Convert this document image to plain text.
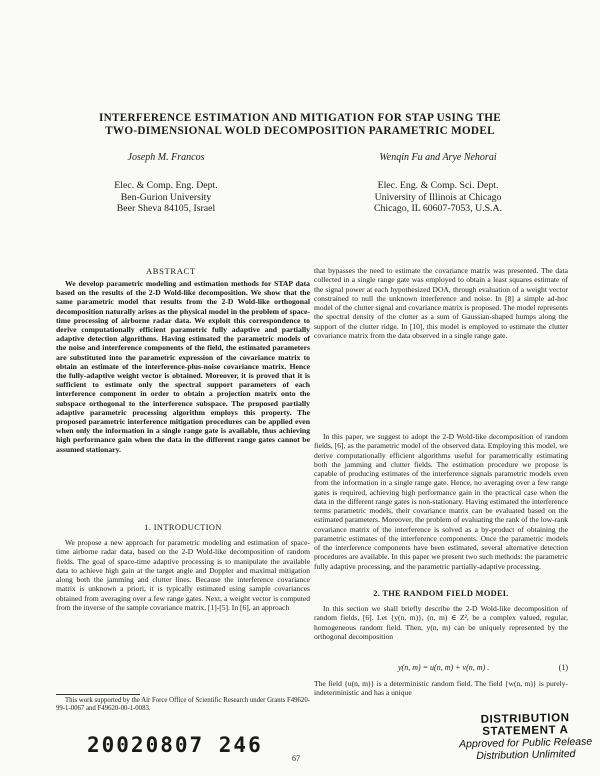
INTERFERENCE ESTIMATION AND MITIGATION FOR STAP USING THE
TWO-DIMENSIONAL WOLD DECOMPOSITION PARAMETRIC MODEL
Joseph M. Francos	Wenqin Fu and Arye Nehorai
Elec. & Comp. Eng. Dept.
Ben-Gurion University
Beer Sheva 84105, Israel
Elec. Eng. & Comp. Sci. Dept.
University of Illinois at Chicago
Chicago, IL 60607-7053, U.S.A.
ABSTRACT

We develop parametric modeling and estimation methods for STAP data based on the results of the 2-D Wold-like decomposition. We show that the same parametric model that results from the 2-D Wold-like orthogonal decomposition naturally arises as the physical model in the problem of space-time processing of airborne radar data. We exploit this correspondence to derive computationally efficient parametric fully adaptive and partially adaptive detection algorithms. Having estimated the parametric models of the noise and interference components of the field, the estimated parameters are substituted into the parametric expression of the covariance matrix to obtain an estimate of the interference-plus-noise covariance matrix. Hence the fully-adaptive weight vector is obtained. Moreover, it is proved that it is sufficient to estimate only the spectral support parameters of each interference component in order to obtain a projection matrix onto the subspace orthogonal to the interference subspace. The proposed partially adaptive parametric processing algorithm employs this property. The proposed parametric interference mitigation procedures can be applied even when only the information in a single range gate is available, thus achieving high performance gain when the data in the different range gates cannot be assumed stationary.

1. INTRODUCTION

We propose a new approach for parametric modeling and estimation of space-time airborne radar data, based on the 2-D Wold-like decomposition of random fields. The goal of space-time adaptive processing is to manipulate the available data to achieve high gain at the target angle and Doppler and maximal mitigation along both the jamming and clutter lines. Because the interference covariance matrix is unknown a priori, it is typically estimated using sample covariances obtained from averaging over a few range gates. Next, a weight vector is computed from the inverse of the sample covariance matrix, [1]-[5]. In [6], an approach

This work supported by the Air Force Office of Scientific Research under Grants F49620-99-1-0067 and F49620-00-1-0083.

that bypasses the need to estimate the covariance matrix was presented. The data collected in a single range gate was employed to obtain a least squares estimate of the signal power at each hypothesized DOA, through evaluation of a weight vector constrained to null the unknown interference and noise. In [8] a simple ad-hoc model of the clutter signal and covariance matrix is proposed. The model represents the spectral density of the clutter as a sum of Gaussian-shaped humps along the support of the clutter ridge. In [10], this model is employed to estimate the clutter covariance matrix from the data observed in a single range gate.

In this paper, we suggest to adopt the 2-D Wold-like decomposition of random fields, [6], as the parametric model of the observed data. Employing this model, we derive computationally efficient algorithms useful for parametrically estimating both the jamming and clutter fields. The estimation procedure we propose is capable of producing estimates of the interference signals parametric models even from the information in a single range gate. Hence, no averaging over a few range gates is required, achieving high performance gain in the practical case when the data in the different range gates is non-stationary. Having estimated the interference terms parametric models, their covariance matrix can be evaluated based on the estimated parameters. Moreover, the problem of evaluating the rank of the low-rank covariance matrix of the interference is solved as a by-product of obtaining the parametric estimates of the interference components. Once the parametric models of the interference components have been estimated, several alternative detection procedures are available. In this paper we present two such methods: the parametric fully adaptive processing, and the parametric partially-adaptive processing.

2. THE RANDOM FIELD MODEL

In this section we shall briefly describe the 2-D Wold-like decomposition of random fields, [6]. Let {y(n, m)}, (n, m) ∈ Z², be a complex valued, regular, homogeneous random field. Then, y(n, m) can be uniquely represented by the orthogonal decomposition

y(n, m) = u(n, m) + v(n, m) .	(1)

The field {u(n, m)} is a deterministic random field. The field {w(n, m)} is purely-indeterministic and has a unique

20020807 246
67
DISTRIBUTION STATEMENT A
Approved for Public Release
Distribution Unlimited
